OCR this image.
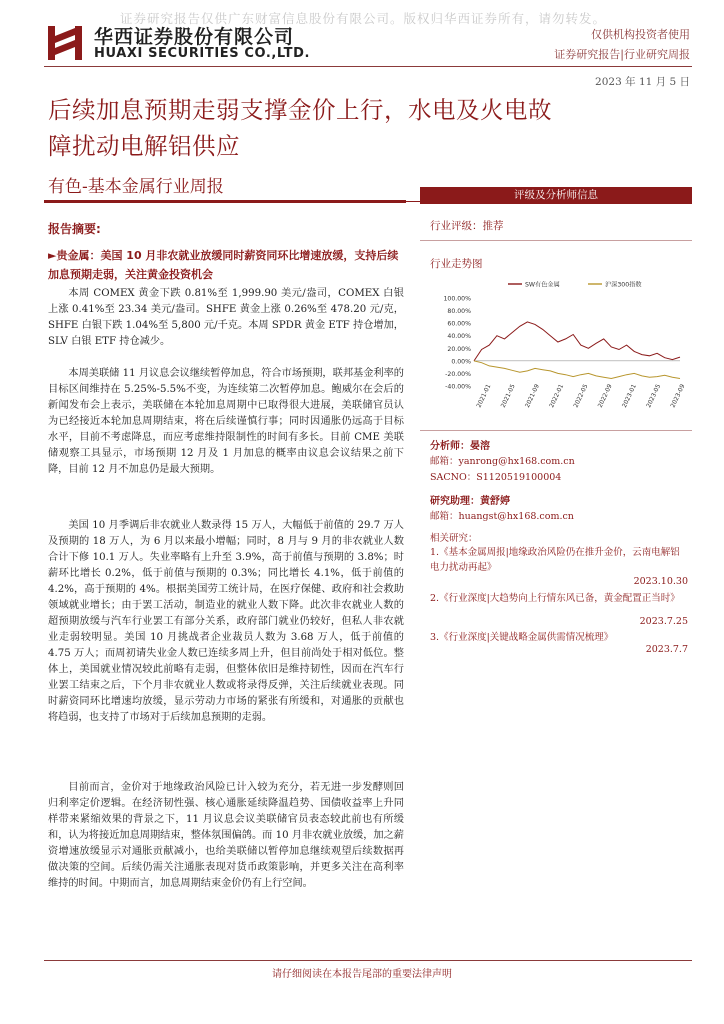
证券研究报告仅供广东财富信息股份有限公司。版权归华西证券所有，请勿转发。
华西证券股份有限公司
HUAXI SECURITIES CO.,LTD.
仅供机构投资者使用
证券研究报告|行业研究周报
2023 年 11 月 5 日
后续加息预期走弱支撑金价上行，水电及火电故
障扰动电解铝供应
有色-基本金属行业周报
报告摘要:
►贵金属：美国 10 月非农就业放缓同时薪资同环比增速放缓，支持后续加息预期走弱，关注黄金投资机会

本周 COMEX 黄金下跌 0.81%至 1,999.90 美元/盎司，COMEX 白银上涨 0.41%至 23.34 美元/盎司。SHFE 黄金上涨 0.26%至 478.20 元/克，SHFE 白银下跌 1.04%至 5,800 元/千克。本周 SPDR 黄金 ETF 持仓增加，SLV 白银 ETF 持仓减少。

本周美联储 11 月议息会议继续暂停加息，符合市场预期，联邦基金利率的目标区间维持在 5.25%-5.5%不变，为连续第二次暂停加息。鲍威尔在会后的新闻发布会上表示，美联储在本轮加息周期中已取得很大进展，美联储官员认为已经接近本轮加息周期结束，将在后续谨慎行事；同时因通胀仍远高于目标水平，目前不考虑降息，而应考虑维持限制性的时间有多长。目前 CME 美联储观察工具显示，市场预期 12 月及 1 月加息的概率由议息会议结果之前下降，目前 12 月不加息仍是最大预期。

美国 10 月季调后非农就业人数录得 15 万人，大幅低于前值的 29.7 万人及预期的 18 万人，为 6 月以来最小增幅；同时，8 月与 9 月的非农就业人数合计下修 10.1 万人。失业率略有上升至 3.9%，高于前值与预期的 3.8%；时薪环比增长 0.2%，低于前值与预期的 0.3%；同比增长 4.1%，低于前值的 4.2%，高于预期的 4%。根据美国劳工统计局，在医疗保健、政府和社会救助领域就业增长；由于罢工活动，制造业的就业人数下降。此次非农就业人数的超预期放缓与汽车行业罢工有部分关系，政府部门就业仍较好，但私人非农就业走弱较明显。美国 10 月挑战者企业裁员人数为 3.68 万人，低于前值的 4.75 万人；而周初请失业金人数已连续多周上升，但目前尚处于相对低位。整体上，美国就业情况较此前略有走弱，但整体依旧是维持韧性，因而在汽车行业罢工结束之后，下个月非农就业人数或将录得反弹，关注后续就业表现。同时薪资同环比增速均放缓，显示劳动力市场的紧张有所缓和，对通胀的贡献也将趋弱，也支持了市场对于后续加息预期的走弱。

目前而言，金价对于地缘政治风险已计入较为充分，若无进一步发酵则回归利率定价逻辑。在经济韧性强、核心通胀延续降温趋势、国债收益率上升同样带来紧缩效果的背景之下，11 月议息会议美联储官员表态较此前也有所缓和，认为将接近加息周期结束，整体氛围偏鸽。而 10 月非农就业放缓，加之薪资增速放缓显示对通胀贡献减小，也给美联储以暂停加息继续观望后续数据再做决策的空间。后续仍需关注通胀表现对货币政策影响，并更多关注在高利率维持的时间。中期而言，加息周期结束金价仍有上行空间。

评级及分析师信息
行业评级：推荐
行业走势图
100.00%
80.00%
60.00%
40.00%
20.00%
0.00%
-20.00%
-40.00% 2021-01 2021-05 2021-09 2022-01 2022-05 2022-09 2023-01 2023-05 2023-09
SW有色金属	沪深300指数
分析师：晏溶
邮箱：yanrong@hx168.com.cn
SACNO：S1120519100004
研究助理：黄舒婷
邮箱：huangst@hx168.com.cn
相关研究：
1.《基本金属周报|地缘政治风险仍在推升金价，云南电解铝电力扰动再起》
2023.10.30
2.《行业深度|大趋势向上行情东风已备，黄金配置正当时》
2023.7.25
3.《行业深度|关键战略金属供需情况梳理》
2023.7.7
请仔细阅读在本报告尾部的重要法律声明
